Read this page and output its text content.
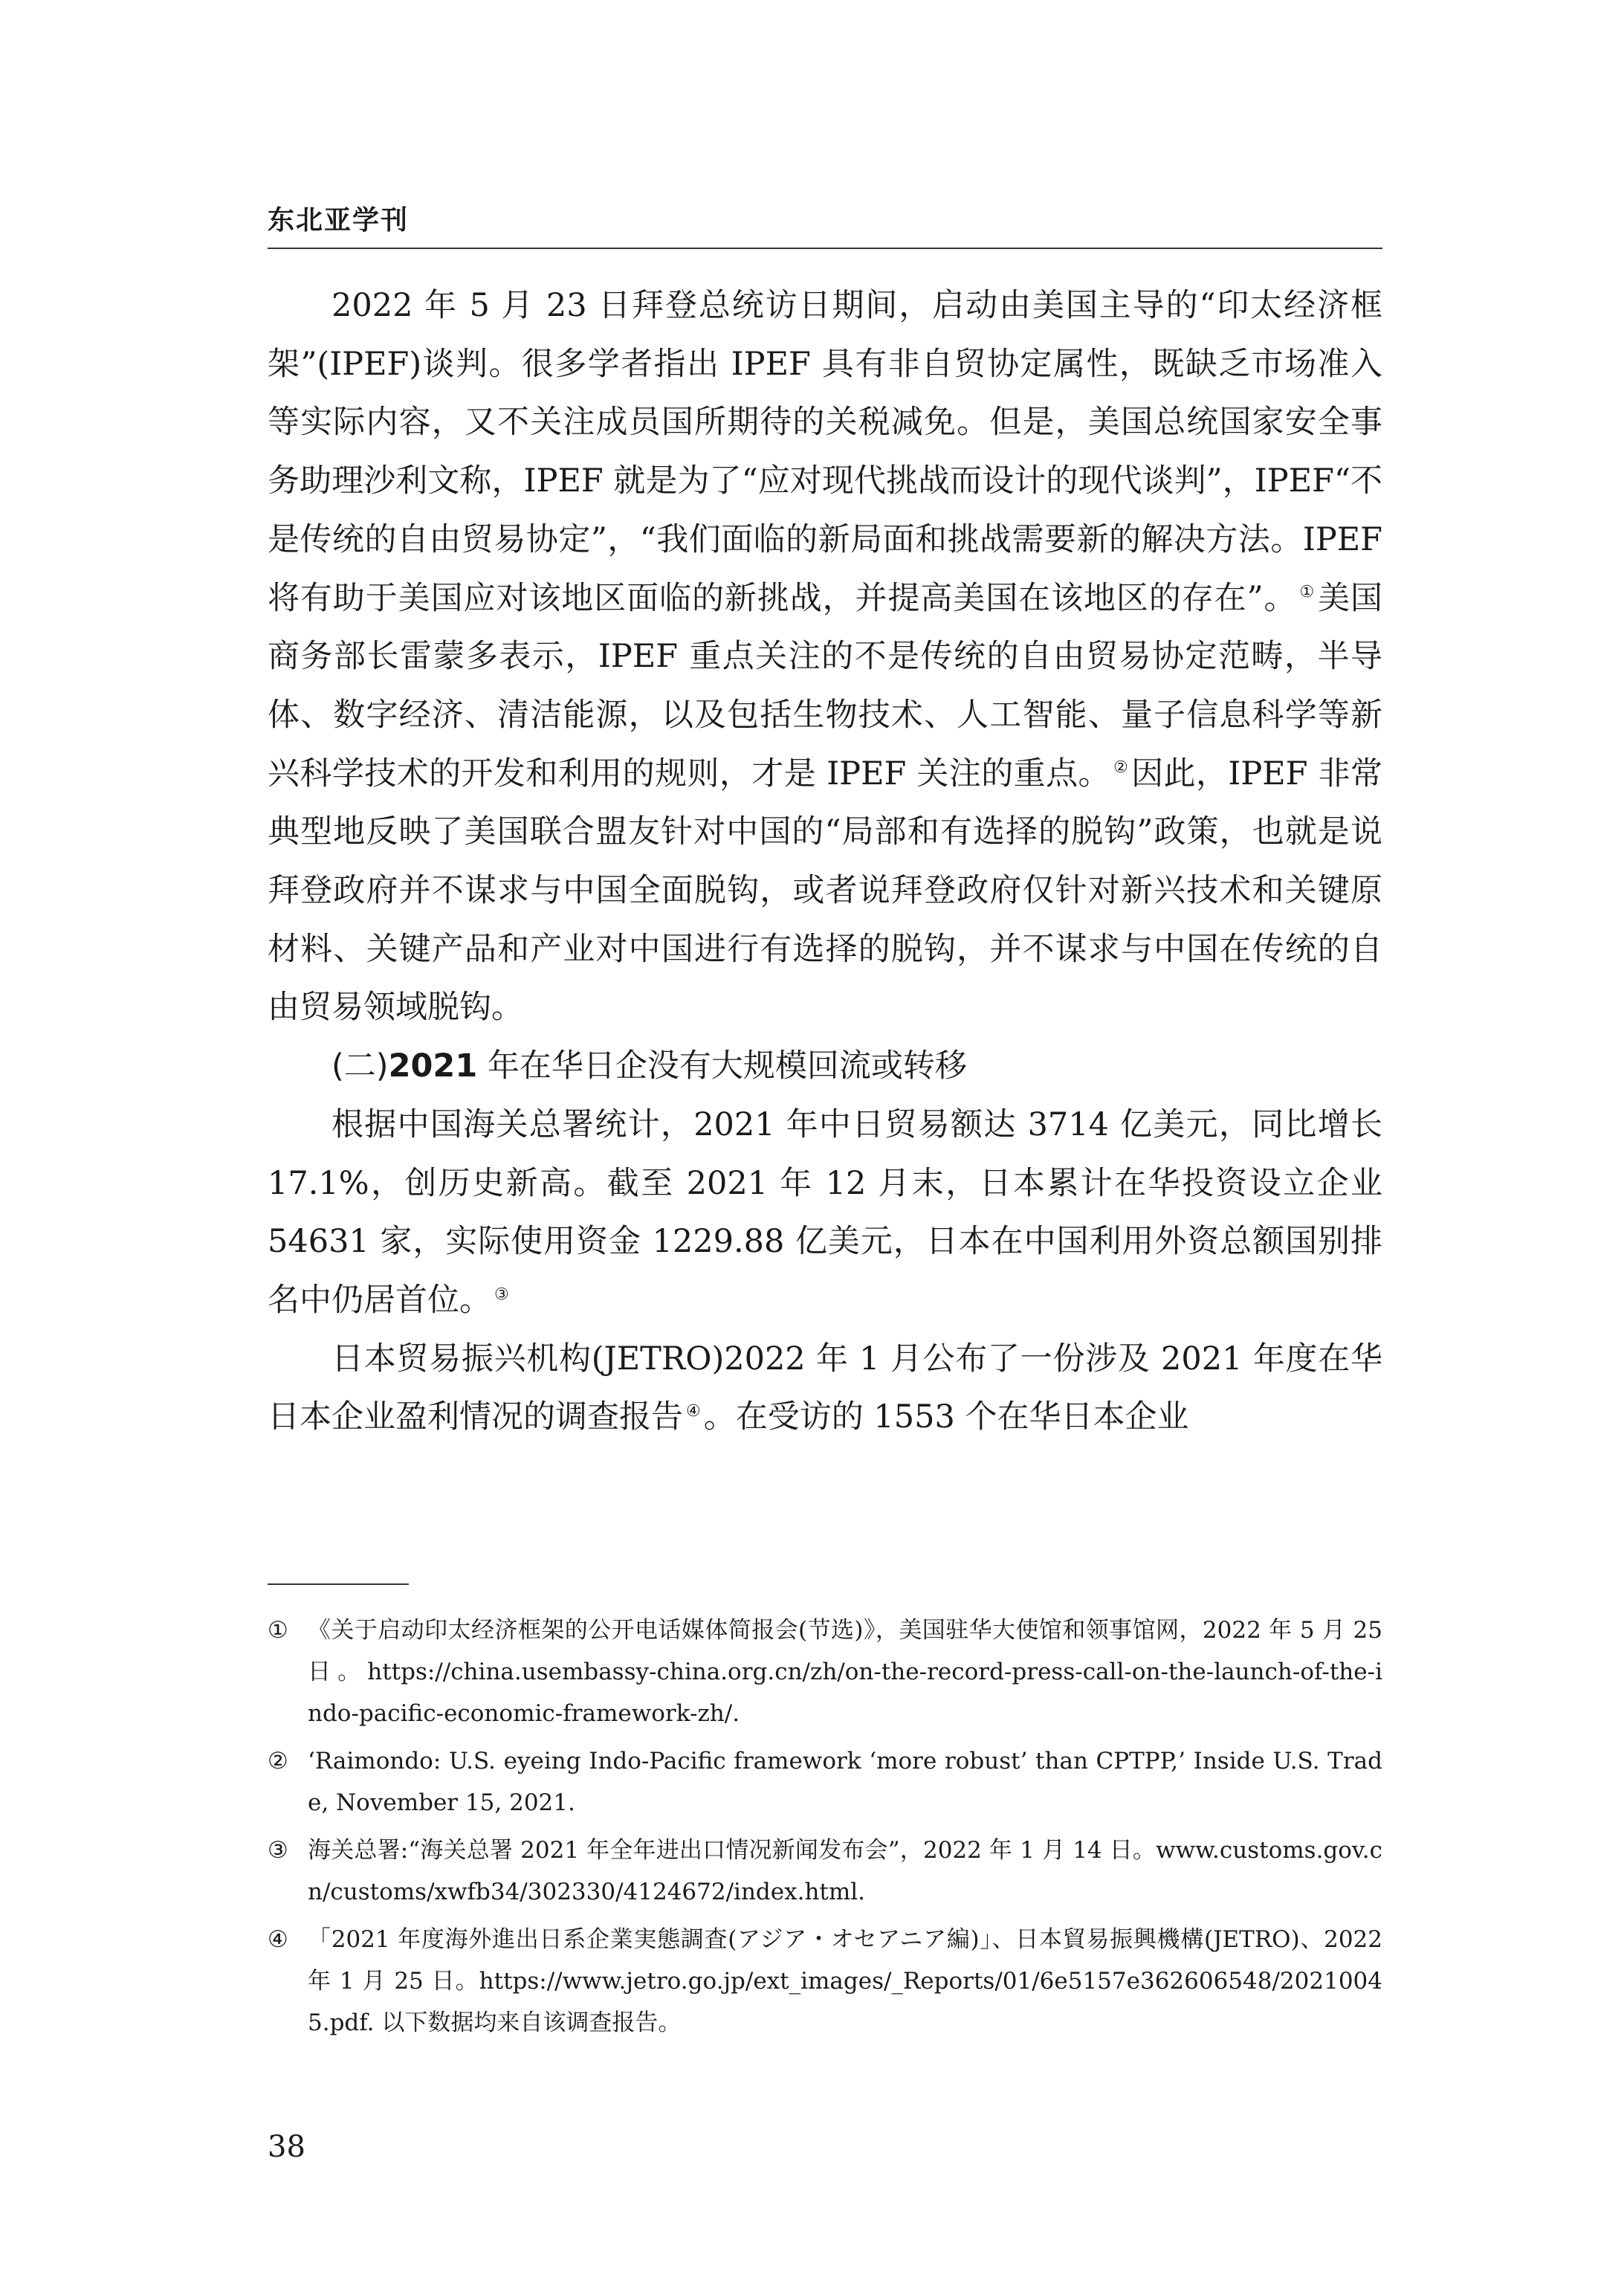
东北亚学刊

2022 年 5 月 23 日拜登总统访日期间，启动由美国主导的“印太经济框架”(IPEF)谈判。很多学者指出 IPEF 具有非自贸协定属性，既缺乏市场准入等实际内容，又不关注成员国所期待的关税减免。但是，美国总统国家安全事务助理沙利文称，IPEF 就是为了“应对现代挑战而设计的现代谈判”，IPEF“不是传统的自由贸易协定”，“我们面临的新局面和挑战需要新的解决方法。IPEF 将有助于美国应对该地区面临的新挑战，并提高美国在该地区的存在”。 ①美国商务部长雷蒙多表示，IPEF 重点关注的不是传统的自由贸易协定范畴，半导体、数字经济、清洁能源，以及包括生物技术、人工智能、量子信息科学等新兴科学技术的开发和利用的规则，才是 IPEF 关注的重点。 ②因此，IPEF 非常典型地反映了美国联合盟友针对中国的“局部和有选择的脱钩”政策，也就是说拜登政府并不谋求与中国全面脱钩，或者说拜登政府仅针对新兴技术和关键原材料、关键产品和产业对中国进行有选择的脱钩，并不谋求与中国在传统的自由贸易领域脱钩。

(二)2021 年在华日企没有大规模回流或转移

根据中国海关总署统计，2021 年中日贸易额达 3714 亿美元，同比增长 17.1%，创历史新高。截至 2021 年 12 月末，日本累计在华投资设立企业 54631 家，实际使用资金 1229.88 亿美元，日本在中国利用外资总额国别排名中仍居首位。 ③

日本贸易振兴机构(JETRO)2022 年 1 月公布了一份涉及 2021 年度在华日本企业盈利情况的调查报告 ④。在受访的 1553 个在华日本企业

① 《关于启动印太经济框架的公开电话媒体简报会(节选)》，美国驻华大使馆和领事馆网，2022 年 5 月 25 日。https://china.usembassy-china.org.cn/zh/on-the-record-press-call-on-the-launch-of-the-indo-pacific-economic-framework-zh/.
② ‘Raimondo: U.S. eyeing Indo-Pacific framework ‘more robust’ than CPTPP,’ Inside U.S. Trade, November 15, 2021.
③ 海关总署:“海关总署 2021 年全年进出口情况新闻发布会”，2022 年 1 月 14 日。www.customs.gov.cn/customs/xwfb34/302330/4124672/index.html.
④ 「2021 年度海外進出日系企業実態調査(アジア・オセアニア編)」、日本貿易振興機構(JETRO)、2022 年 1 月 25 日。https://www.jetro.go.jp/ext_images/_Reports/01/6e5157e362606548/20210045.pdf. 以下数据均来自该调查报告。
38
